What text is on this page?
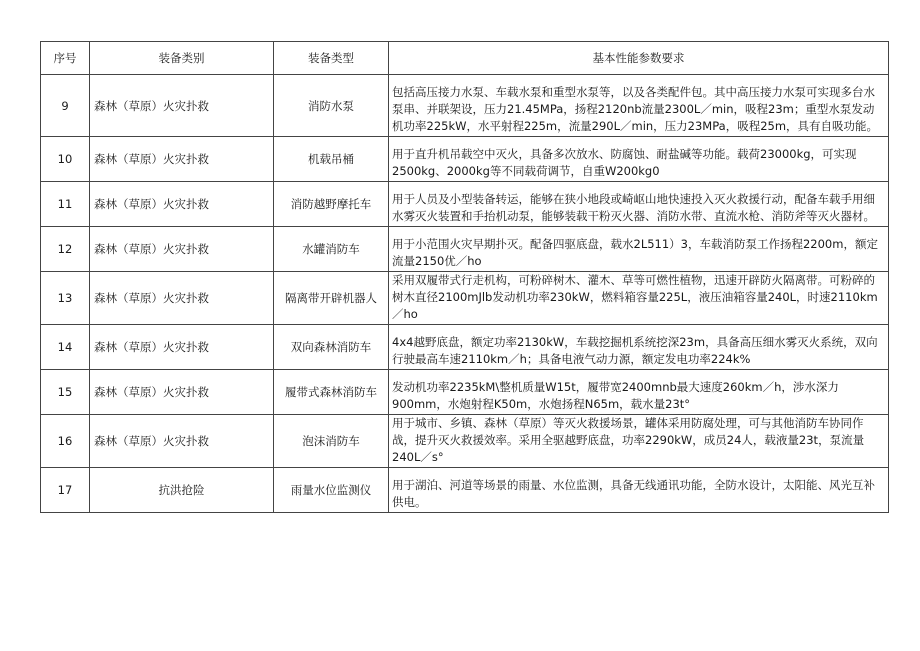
序号	装备类别	装备类型	基本性能参数要求
9	森林（草原）火灾扑救	消防水泵	包括高压接力水泵、车载水泵和重型水泵等，以及各类配件包。其中高压接力水泵可实现多台水泵串、并联架设，压力21.45MPa，扬程2120nb流量2300L／min，吸程23m；重型水泵发动机功率225kW，水平射程225m，流量290L／min，压力23MPa，吸程25m，具有自吸功能。
10	森林（草原）火灾扑救	机载吊桶	用于直升机吊载空中灭火，具备多次放水、防腐蚀、耐盐碱等功能。载荷23000kg，可实现2500kg、2000kg等不同载荷调节，自重W200kg0
11	森林（草原）火灾扑救	消防越野摩托车	用于人员及小型装备转运，能够在狭小地段或崎岖山地快速投入灭火救援行动，配备车载手用细水雾灭火装置和手抬机动泵，能够装载干粉灭火器、消防水带、直流水枪、消防斧等灭火器材。
12	森林（草原）火灾扑救	水罐消防车	用于小范围火灾早期扑灭。配备四驱底盘，载水2L511）3，车载消防泵工作扬程2200m，额定流量2150优／ho
13	森林（草原）火灾扑救	隔离带开辟机器人	采用双履带式行走机构，可粉碎树木、灌木、草等可燃性植物，迅速开辟防火隔离带。可粉碎的树木直径2100mJlb发动机功率230kW，燃料箱容量225L，液压油箱容量240L，时速2110km／ho
14	森林（草原）火灾扑救	双向森林消防车	4x4越野底盘，额定功率2130kW，车载挖掘机系统挖深23m，具备高压细水雾灭火系统，双向行驶最高车速2110km／h；具备电液气动力源，额定发电功率224k%
15	森林（草原）火灾扑救	履带式森林消防车	发动机功率2235kM\整机质量W15t，履带宽2400mnb最大速度260km／h，涉水深力900mm，水炮射程K50m，水炮扬程N65m，载水量23t°
16	森林（草原）火灾扑救	泡沫消防车	用于城市、乡镇、森林（草原）等灭火救援场景，罐体采用防腐处理，可与其他消防车协同作战，提升灭火救援效率。采用全驱越野底盘，功率2290kW，成员24人，载液量23t，泵流量240L／s°
17	抗洪抢险	雨量水位监测仪	用于湖泊、河道等场景的雨量、水位监测，具备无线通讯功能，全防水设计，太阳能、风光互补供电。
